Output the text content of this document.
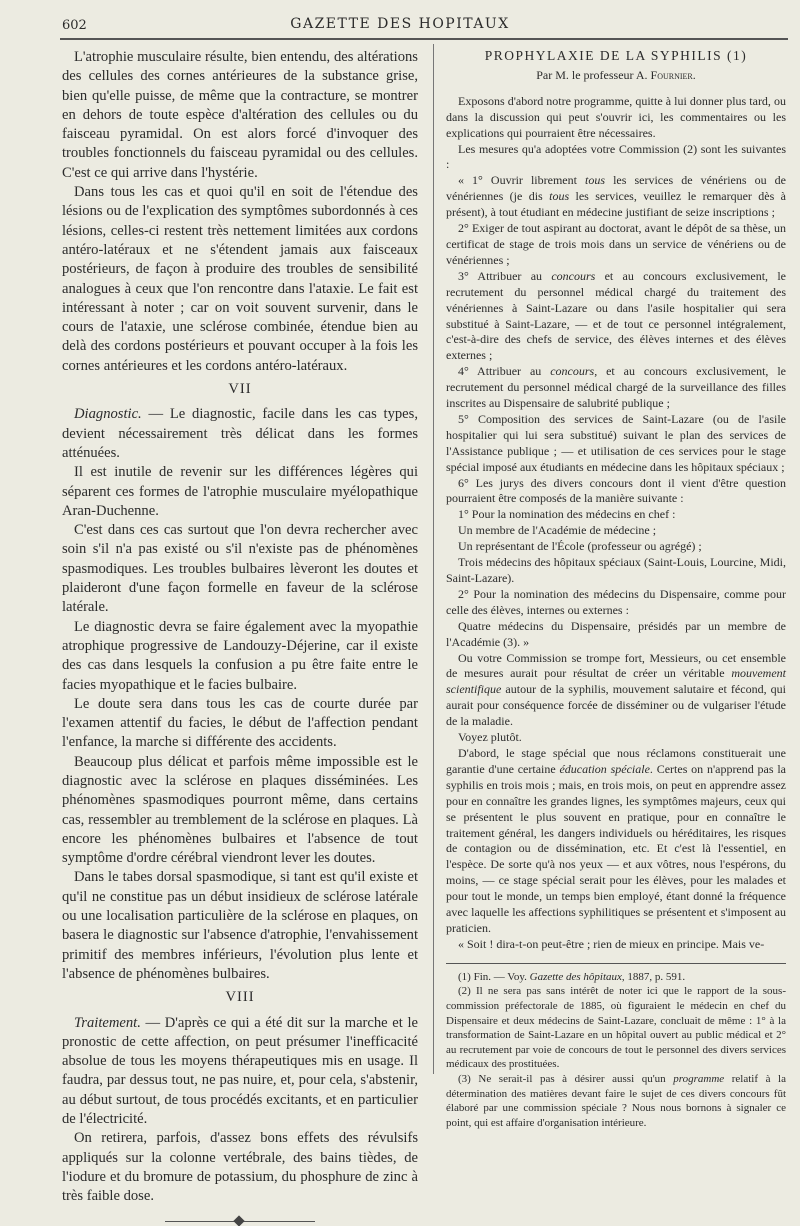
602	GAZETTE DES HOPITAUX

L'atrophie musculaire résulte, bien entendu, des altérations des cellules des cornes antérieures de la substance grise, bien qu'elle puisse, de même que la contracture, se montrer en dehors de toute espèce d'altération des cellules ou du faisceau pyramidal. On est alors forcé d'invoquer des troubles fonctionnels du faisceau pyramidal ou des cellules. C'est ce qui arrive dans l'hystérie.

Dans tous les cas et quoi qu'il en soit de l'étendue des lésions ou de l'explication des symptômes subordonnés à ces lésions, celles-ci restent très nettement limitées aux cordons antéro-latéraux et ne s'étendent jamais aux faisceaux postérieurs, de façon à produire des troubles de sensibilité analogues à ceux que l'on rencontre dans l'ataxie. Le fait est intéressant à noter ; car on voit souvent survenir, dans le cours de l'ataxie, une sclérose combinée, étendue bien au delà des cordons postérieurs et pouvant occuper à la fois les cornes antérieures et les cordons antéro-latéraux.

VII

Diagnostic. — Le diagnostic, facile dans les cas types, devient nécessairement très délicat dans les formes atténuées.

Il est inutile de revenir sur les différences légères qui séparent ces formes de l'atrophie musculaire myélopathique Aran-Duchenne.

C'est dans ces cas surtout que l'on devra rechercher avec soin s'il n'a pas existé ou s'il n'existe pas de phénomènes spasmodiques. Les troubles bulbaires lèveront les doutes et plaideront d'une façon formelle en faveur de la sclérose latérale.

Le diagnostic devra se faire également avec la myopathie atrophique progressive de Landouzy-Déjerine, car il existe des cas dans lesquels la confusion a pu être faite entre le facies myopathique et le facies bulbaire.

Le doute sera dans tous les cas de courte durée par l'examen attentif du facies, le début de l'affection pendant l'enfance, la marche si différente des accidents.

Beaucoup plus délicat et parfois même impossible est le diagnostic avec la sclérose en plaques disséminées. Les phénomènes spasmodiques pourront même, dans certains cas, ressembler au tremblement de la sclérose en plaques. Là encore les phénomènes bulbaires et l'absence de tout symptôme d'ordre cérébral viendront lever les doutes.

Dans le tabes dorsal spasmodique, si tant est qu'il existe et qu'il ne constitue pas un début insidieux de sclérose latérale ou une localisation particulière de la sclérose en plaques, on basera le diagnostic sur l'absence d'atrophie, l'envahissement primitif des membres inférieurs, l'évolution plus lente et l'absence de phénomènes bulbaires.

VIII

Traitement. — D'après ce qui a été dit sur la marche et le pronostic de cette affection, on peut présumer l'inefficacité absolue de tous les moyens thérapeutiques mis en usage. Il faudra, par dessus tout, ne pas nuire, et, pour cela, s'abstenir, au début surtout, de tous procédés excitants, et en particulier de l'électricité.

On retirera, parfois, d'assez bons effets des révulsifs appliqués sur la colonne vertébrale, des bains tièdes, de l'iodure et du bromure de potassium, du phosphure de zinc à très faible dose.

PROPHYLAXIE DE LA SYPHILIS (1)
Par M. le professeur A. Fournier.

Exposons d'abord notre programme, quitte à lui donner plus tard, ou dans la discussion qui peut s'ouvrir ici, les commentaires ou les explications qui pourraient être nécessaires.

Les mesures qu'a adoptées votre Commission (2) sont les suivantes :

« 1° Ouvrir librement tous les services de vénériens ou de vénériennes (je dis tous les services, veuillez le remarquer dès à présent), à tout étudiant en médecine justifiant de seize inscriptions ;

2° Exiger de tout aspirant au doctorat, avant le dépôt de sa thèse, un certificat de stage de trois mois dans un service de vénériens ou de vénériennes ;

3° Attribuer au concours et au concours exclusivement, le recrutement du personnel médical chargé du traitement des vénériennes à Saint-Lazare ou dans l'asile hospitalier qui sera substitué à Saint-Lazare, — et de tout ce personnel intégralement, c'est-à-dire des chefs de service, des élèves internes et des élèves externes ;

4° Attribuer au concours, et au concours exclusivement, le recrutement du personnel médical chargé de la surveillance des filles inscrites au Dispensaire de salubrité publique ;

5° Composition des services de Saint-Lazare (ou de l'asile hospitalier qui lui sera substitué) suivant le plan des services de l'Assistance publique ; — et utilisation de ces services pour le stage spécial imposé aux étudiants en médecine dans les hôpitaux spéciaux ;

6° Les jurys des divers concours dont il vient d'être question pourraient être composés de la manière suivante :

1° Pour la nomination des médecins en chef :

Un membre de l'Académie de médecine ;

Un représentant de l'École (professeur ou agrégé) ;

Trois médecins des hôpitaux spéciaux (Saint-Louis, Lourcine, Midi, Saint-Lazare).

2° Pour la nomination des médecins du Dispensaire, comme pour celle des élèves, internes ou externes :

Quatre médecins du Dispensaire, présidés par un membre de l'Académie (3). »

Ou votre Commission se trompe fort, Messieurs, ou cet ensemble de mesures aurait pour résultat de créer un véritable mouvement scientifique autour de la syphilis, mouvement salutaire et fécond, qui aurait pour conséquence forcée de disséminer ou de vulgariser l'étude de la maladie.

Voyez plutôt.

D'abord, le stage spécial que nous réclamons constituerait une garantie d'une certaine éducation spéciale. Certes on n'apprend pas la syphilis en trois mois ; mais, en trois mois, on peut en apprendre assez pour en connaître les grandes lignes, les symptômes majeurs, ceux qui se présentent le plus souvent en pratique, pour en connaître le traitement général, les dangers individuels ou héréditaires, les risques de contagion ou de dissémination, etc. Et c'est là l'essentiel, en l'espèce. De sorte qu'à nos yeux — et aux vôtres, nous l'espérons, du moins, — ce stage spécial serait pour les élèves, pour les malades et pour tout le monde, un temps bien employé, étant donné la fréquence avec laquelle les affections syphilitiques se présentent et s'imposent au praticien.

« Soit ! dira-t-on peut-être ; rien de mieux en principe. Mais ve-

(1) Fin. — Voy. Gazette des hôpitaux, 1887, p. 591.

(2) Il ne sera pas sans intérêt de noter ici que le rapport de la sous-commission préfectorale de 1885, où figuraient le médecin en chef du Dispensaire et deux médecins de Saint-Lazare, concluait de même : 1° à la transformation de Saint-Lazare en un hôpital ouvert au public médical et 2° au recrutement par voie de concours de tout le personnel des divers services médicaux des prostituées.

(3) Ne serait-il pas à désirer aussi qu'un programme relatif à la détermination des matières devant faire le sujet de ces divers concours fût élaboré par une commission spéciale ? Nous nous bornons à signaler ce point, qui est affaire d'organisation intérieure.
